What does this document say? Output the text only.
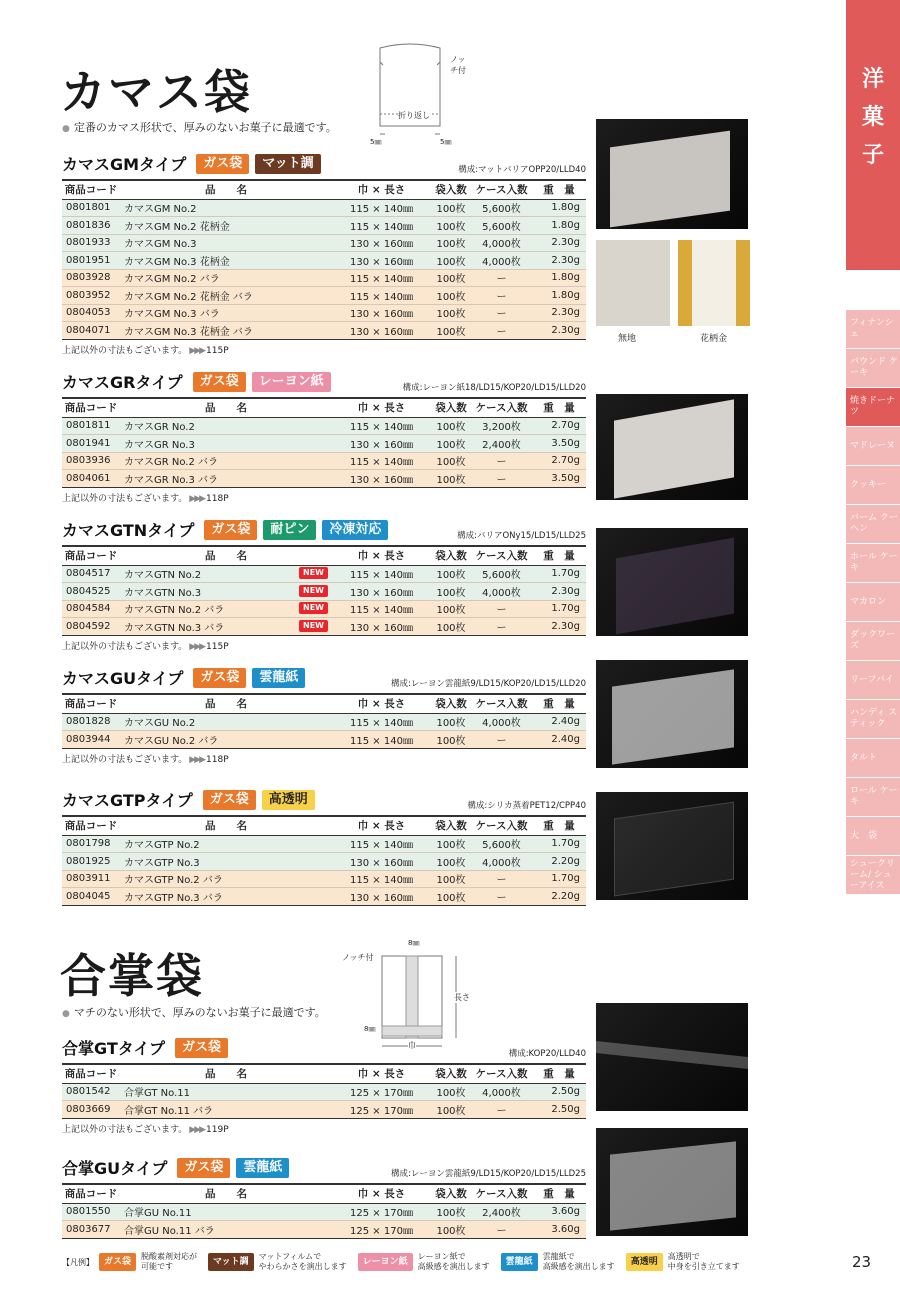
カマス袋
● 定番のカマス形状で、厚みのないお菓子に最適です。
ノッチ付
折り返し
5㎜	5㎜
合掌袋
● マチのない形状で、厚みのないお菓子に最適です。
ノッチ付
8㎜
長さ
8㎜
巾
カマスGMタイプ	ガス袋	マット調	構成:マットバリアOPP20/LLD40
商品コード	品　　名	巾 × 長さ	袋入数	ケース入数	重　量
0801801	カマスGM No.2	115 × 140㎜	100枚	5,600枚	1.80g
0801836	カマスGM No.2 花柄金	115 × 140㎜	100枚	5,600枚	1.80g
0801933	カマスGM No.3	130 × 160㎜	100枚	4,000枚	2.30g
0801951	カマスGM No.3 花柄金	130 × 160㎜	100枚	4,000枚	2.30g
0803928	カマスGM No.2 バラ	115 × 140㎜	100枚	ー	1.80g
0803952	カマスGM No.2 花柄金 バラ	115 × 140㎜	100枚	ー	1.80g
0804053	カマスGM No.3 バラ	130 × 160㎜	100枚	ー	2.30g
0804071	カマスGM No.3 花柄金 バラ	130 × 160㎜	100枚	ー	2.30g
上記以外の寸法もございます。 ▶▶▶ 115P
カマスGRタイプ	ガス袋	レーヨン紙	構成:レーヨン紙18/LD15/KOP20/LD15/LLD20
商品コード	品　　名	巾 × 長さ	袋入数	ケース入数	重　量
0801811	カマスGR No.2	115 × 140㎜	100枚	3,200枚	2.70g
0801941	カマスGR No.3	130 × 160㎜	100枚	2,400枚	3.50g
0803936	カマスGR No.2 バラ	115 × 140㎜	100枚	ー	2.70g
0804061	カマスGR No.3 バラ	130 × 160㎜	100枚	ー	3.50g
上記以外の寸法もございます。 ▶▶▶ 118P
カマスGTNタイプ	ガス袋	耐ピン	冷凍対応	構成:バリアONy15/LD15/LLD25
商品コード	品　　名	巾 × 長さ	袋入数	ケース入数	重　量
0804517	カマスGTN No.2 NEW	115 × 140㎜	100枚	5,600枚	1.70g
0804525	カマスGTN No.3 NEW	130 × 160㎜	100枚	4,000枚	2.30g
0804584	カマスGTN No.2 バラ NEW	115 × 140㎜	100枚	ー	1.70g
0804592	カマスGTN No.3 バラ NEW	130 × 160㎜	100枚	ー	2.30g
上記以外の寸法もございます。 ▶▶▶ 115P
カマスGUタイプ	ガス袋	雲龍紙	構成:レーヨン雲龍紙9/LD15/KOP20/LD15/LLD20
商品コード	品　　名	巾 × 長さ	袋入数	ケース入数	重　量
0801828	カマスGU No.2	115 × 140㎜	100枚	4,000枚	2.40g
0803944	カマスGU No.2 バラ	115 × 140㎜	100枚	ー	2.40g
上記以外の寸法もございます。 ▶▶▶ 118P
カマスGTPタイプ	ガス袋	高透明	構成:シリカ蒸着PET12/CPP40
商品コード	品　　名	巾 × 長さ	袋入数	ケース入数	重　量
0801798	カマスGTP No.2	115 × 140㎜	100枚	5,600枚	1.70g
0801925	カマスGTP No.3	130 × 160㎜	100枚	4,000枚	2.20g
0803911	カマスGTP No.2 バラ	115 × 140㎜	100枚	ー	1.70g
0804045	カマスGTP No.3 バラ	130 × 160㎜	100枚	ー	2.20g
合掌GTタイプ	ガス袋	構成:KOP20/LLD40
商品コード	品　　名	巾 × 長さ	袋入数	ケース入数	重　量
0801542	合掌GT No.11	125 × 170㎜	100枚	4,000枚	2.50g
0803669	合掌GT No.11 バラ	125 × 170㎜	100枚	ー	2.50g
上記以外の寸法もございます。 ▶▶▶ 119P
合掌GUタイプ	ガス袋	雲龍紙	構成:レーヨン雲龍紙9/LD15/KOP20/LD15/LLD25
商品コード	品　　名	巾 × 長さ	袋入数	ケース入数	重　量
0801550	合掌GU No.11	125 × 170㎜	100枚	2,400枚	3.60g
0803677	合掌GU No.11 バラ	125 × 170㎜	100枚	ー	3.60g
無地	花柄金
洋
菓
子
フィナンシェ
パウンド ケーキ
焼きドーナツ
マドレーヌ
クッキー
バーム クーヘン
ホール ケーキ
マカロン
ダックワーズ
リーフパイ
ハンディ スティック
タルト
ロール ケーキ
大　袋
シュークリーム/ シューアイス
23
【凡例】	ガス袋
脱酸素剤対応が
可能です	マット調
マットフィルムで
やわらかさを演出します	レーヨン紙
レーヨン紙で
高級感を演出します	雲龍紙
雲龍紙で
高級感を演出します	高透明
高透明で
中身を引き立てます
